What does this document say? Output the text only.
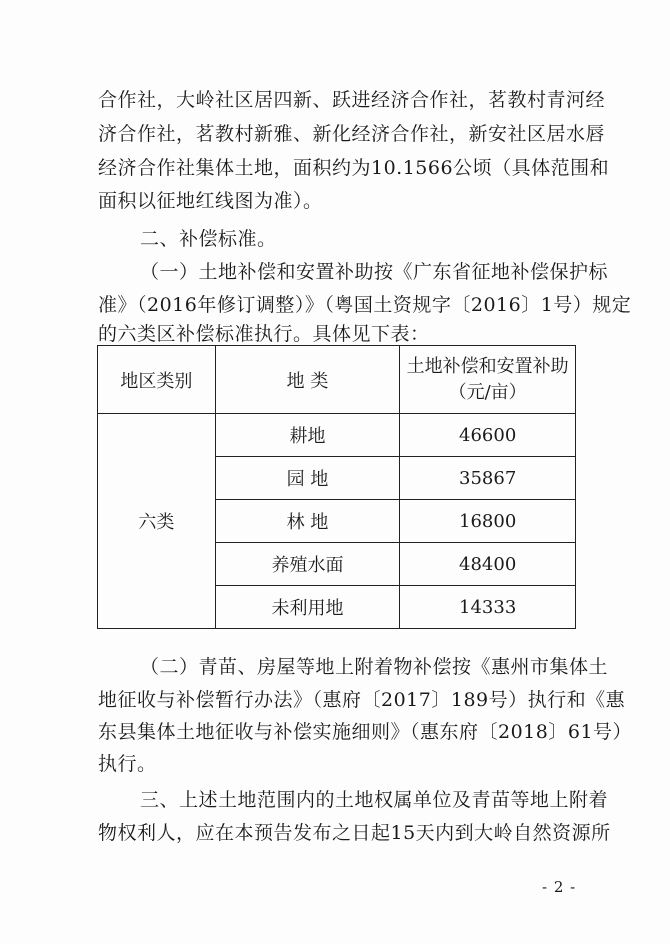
合作社，大岭社区居四新、跃进经济合作社，茗教村青河经
济合作社，茗教村新雅、新化经济合作社，新安社区居水唇
经济合作社集体土地，面积约为10.1566公顷（具体范围和
面积以征地红线图为准）。
二、补偿标准。
（一）土地补偿和安置补助按《广东省征地补偿保护标
准》（2016年修订调整）》（粤国土资规字〔2016〕1号）规定
的六类区补偿标准执行。具体见下表：
地区类别	地 类	土地补偿和安置补助
（元/亩）

六类	耕地	46600
	园 地	35867
	林 地	16800
	养殖水面	48400
	未利用地	14333
（二）青苗、房屋等地上附着物补偿按《惠州市集体土
地征收与补偿暂行办法》（惠府〔2017〕189号）执行和《惠
东县集体土地征收与补偿实施细则》（惠东府〔2018〕61号）
执行。
三、上述土地范围内的土地权属单位及青苗等地上附着
物权利人，应在本预告发布之日起15天内到大岭自然资源所
- 2 -
